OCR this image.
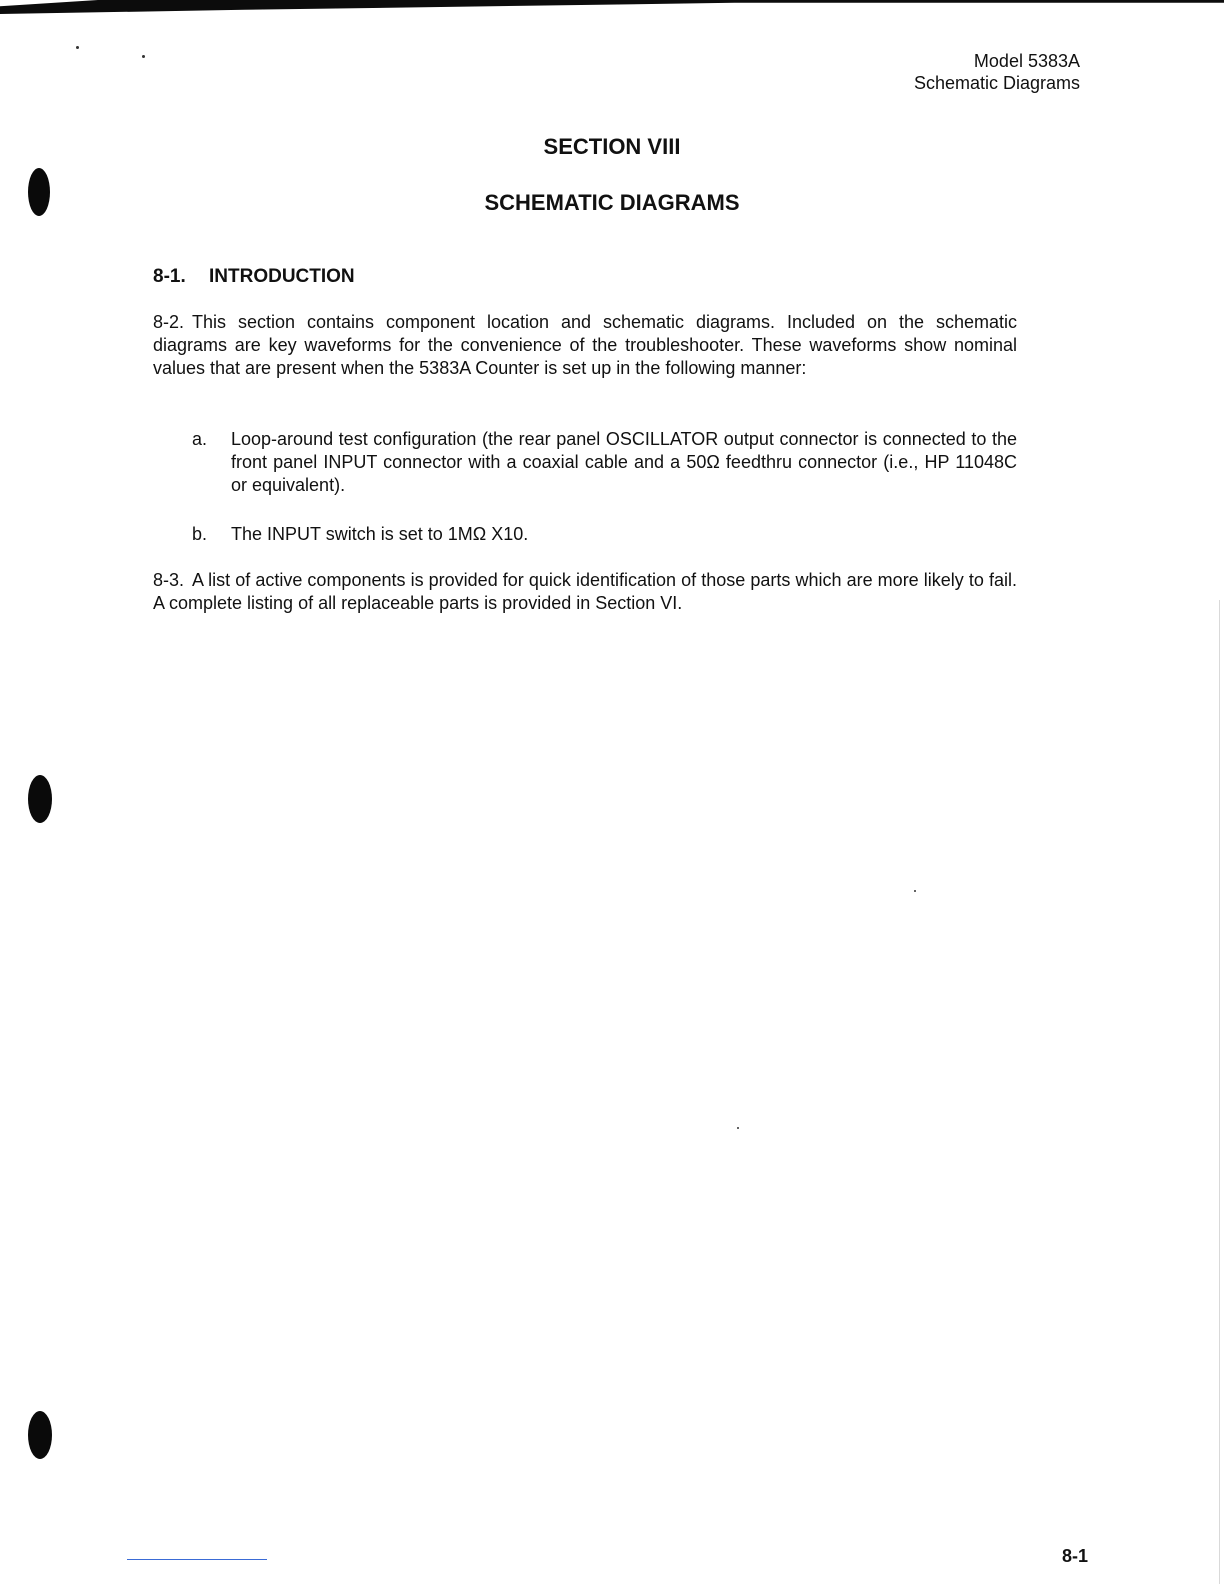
Model 5383A
Schematic Diagrams
SECTION VIII
SCHEMATIC DIAGRAMS
8-1. INTRODUCTION
8-2. This section contains component location and schematic diagrams. Included on the schematic diagrams are key waveforms for the convenience of the troubleshooter. These waveforms show nominal values that are present when the 5383A Counter is set up in the following manner:
a.	Loop-around test configuration (the rear panel OSCILLATOR output connector is connected to the front panel INPUT connector with a coaxial cable and a 50Ω feedthru connector (i.e., HP 11048C or equivalent).
b.	The INPUT switch is set to 1MΩ X10.
8-3. A list of active components is provided for quick identification of those parts which are more likely to fail. A complete listing of all replaceable parts is provided in Section VI.
8-1
